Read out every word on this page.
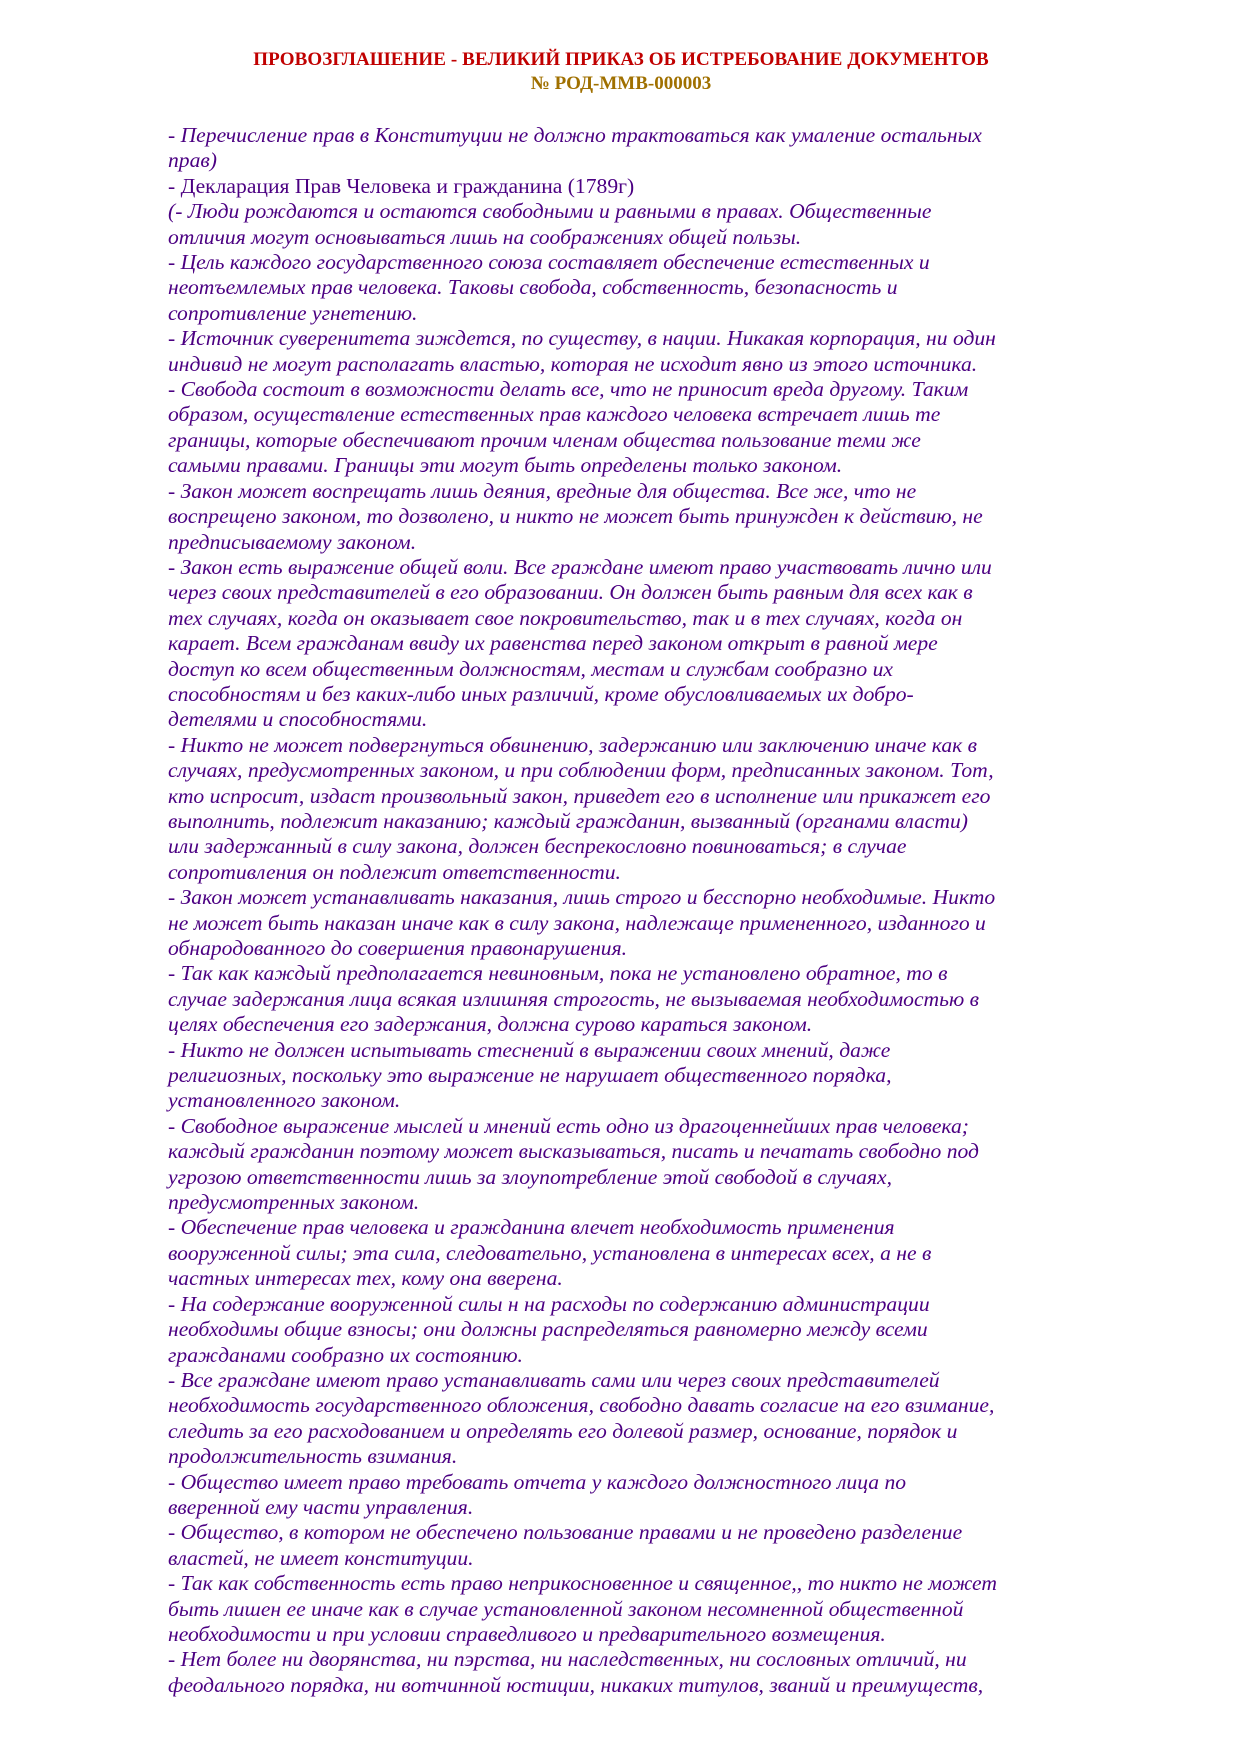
ПРОВОЗГЛАШЕНИЕ - ВЕЛИКИЙ ПРИКАЗ ОБ ИСТРЕБОВАНИЕ ДОКУМЕНТОВ
№ РОД-ММВ-000003
- Перечисление прав в Конституции не должно трактоваться как умаление остальных
прав)
- Декларация Прав Человека и гражданина (1789г)
(- Люди рождаются и остаются свободными и равными в правах. Общественные
отличия могут основываться лишь на соображениях общей пользы.
- Цель каждого государственного союза составляет обеспечение естественных и
неотъемлемых прав человека. Таковы свобода, собственность, безопасность и
сопротивление угнетению.
- Источник суверенитета зиждется, по существу, в нации. Никакая корпорация, ни один
индивид не могут располагать властью, которая не исходит явно из этого источника.
- Свобода состоит в возможности делать все, что не приносит вреда другому. Таким
образом, осуществление естественных прав каждого человека встречает лишь те
границы, которые обеспечивают прочим членам общества пользование теми же
самыми правами. Границы эти могут быть определены только законом.
- Закон может воспрещать лишь деяния, вредные для общества. Все же, что не
воспрещено законом, то дозволено, и никто не может быть принужден к действию, не
предписываемому законом.
- Закон есть выражение общей воли. Все граждане имеют право участвовать лично или
через своих представителей в его образовании. Он должен быть равным для всех как в
тех случаях, когда он оказывает свое покровительство, так и в тех случаях, когда он
карает. Всем гражданам ввиду их равенства перед законом открыт в равной мере
доступ ко всем общественным должностям, местам и службам сообразно их
способностям и без каких-либо иных различий, кроме обусловливаемых их добро-
детелями и способностями.
- Никто не может подвергнуться обвинению, задержанию или заключению иначе как в
случаях, предусмотренных законом, и при соблюдении форм, предписанных законом. Тот,
кто испросит, издаст произвольный закон, приведет его в исполнение или прикажет его
выполнить, подлежит наказанию; каждый гражданин, вызванный (органами власти)
или задержанный в силу закона, должен беспрекословно повиноваться; в случае
сопротивления он подлежит ответственности.
- Закон может устанавливать наказания, лишь строго и бесспорно необходимые. Никто
не может быть наказан иначе как в силу закона, надлежаще примененного, изданного и
обнародованного до совершения правонарушения.
- Так как каждый предполагается невиновным, пока не установлено обратное, то в
случае задержания лица всякая излишняя строгость, не вызываемая необходимостью в
целях обеспечения его задержания, должна сурово караться законом.
- Никто не должен испытывать стеснений в выражении своих мнений, даже
религиозных, поскольку это выражение не нарушает общественного порядка,
установленного законом.
- Свободное выражение мыслей и мнений есть одно из драгоценнейших прав человека;
каждый гражданин поэтому может высказываться, писать и печатать свободно под
угрозою ответственности лишь за злоупотребление этой свободой в случаях,
предусмотренных законом.
- Обеспечение прав человека и гражданина влечет необходимость применения
вооруженной силы; эта сила, следовательно, установлена в интересах всех, а не в
частных интересах тех, кому она вверена.
- На содержание вооруженной силы н на расходы по содержанию администрации
необходимы общие взносы; они должны распределяться равномерно между всеми
гражданами сообразно их состоянию.
- Все граждане имеют право устанавливать сами или через своих представителей
необходимость государственного обложения, свободно давать согласие на его взимание,
следить за его расходованием и определять его долевой размер, основание, порядок и
продолжительность взимания.
- Общество имеет право требовать отчета у каждого должностного лица по
вверенной ему части управления.
- Общество, в котором не обеспечено пользование правами и не проведено разделение
властей, не имеет конституции.
- Так как собственность есть право неприкосновенное и священное,, то никто не может
быть лишен ее иначе как в случае установленной законом несомненной общественной
необходимости и при условии справедливого и предварительного возмещения.
- Нет более ни дворянства, ни пэрства, ни наследственных, ни сословных отличий, ни
феодального порядка, ни вотчинной юстиции, никаких титулов, званий и преимуществ,
